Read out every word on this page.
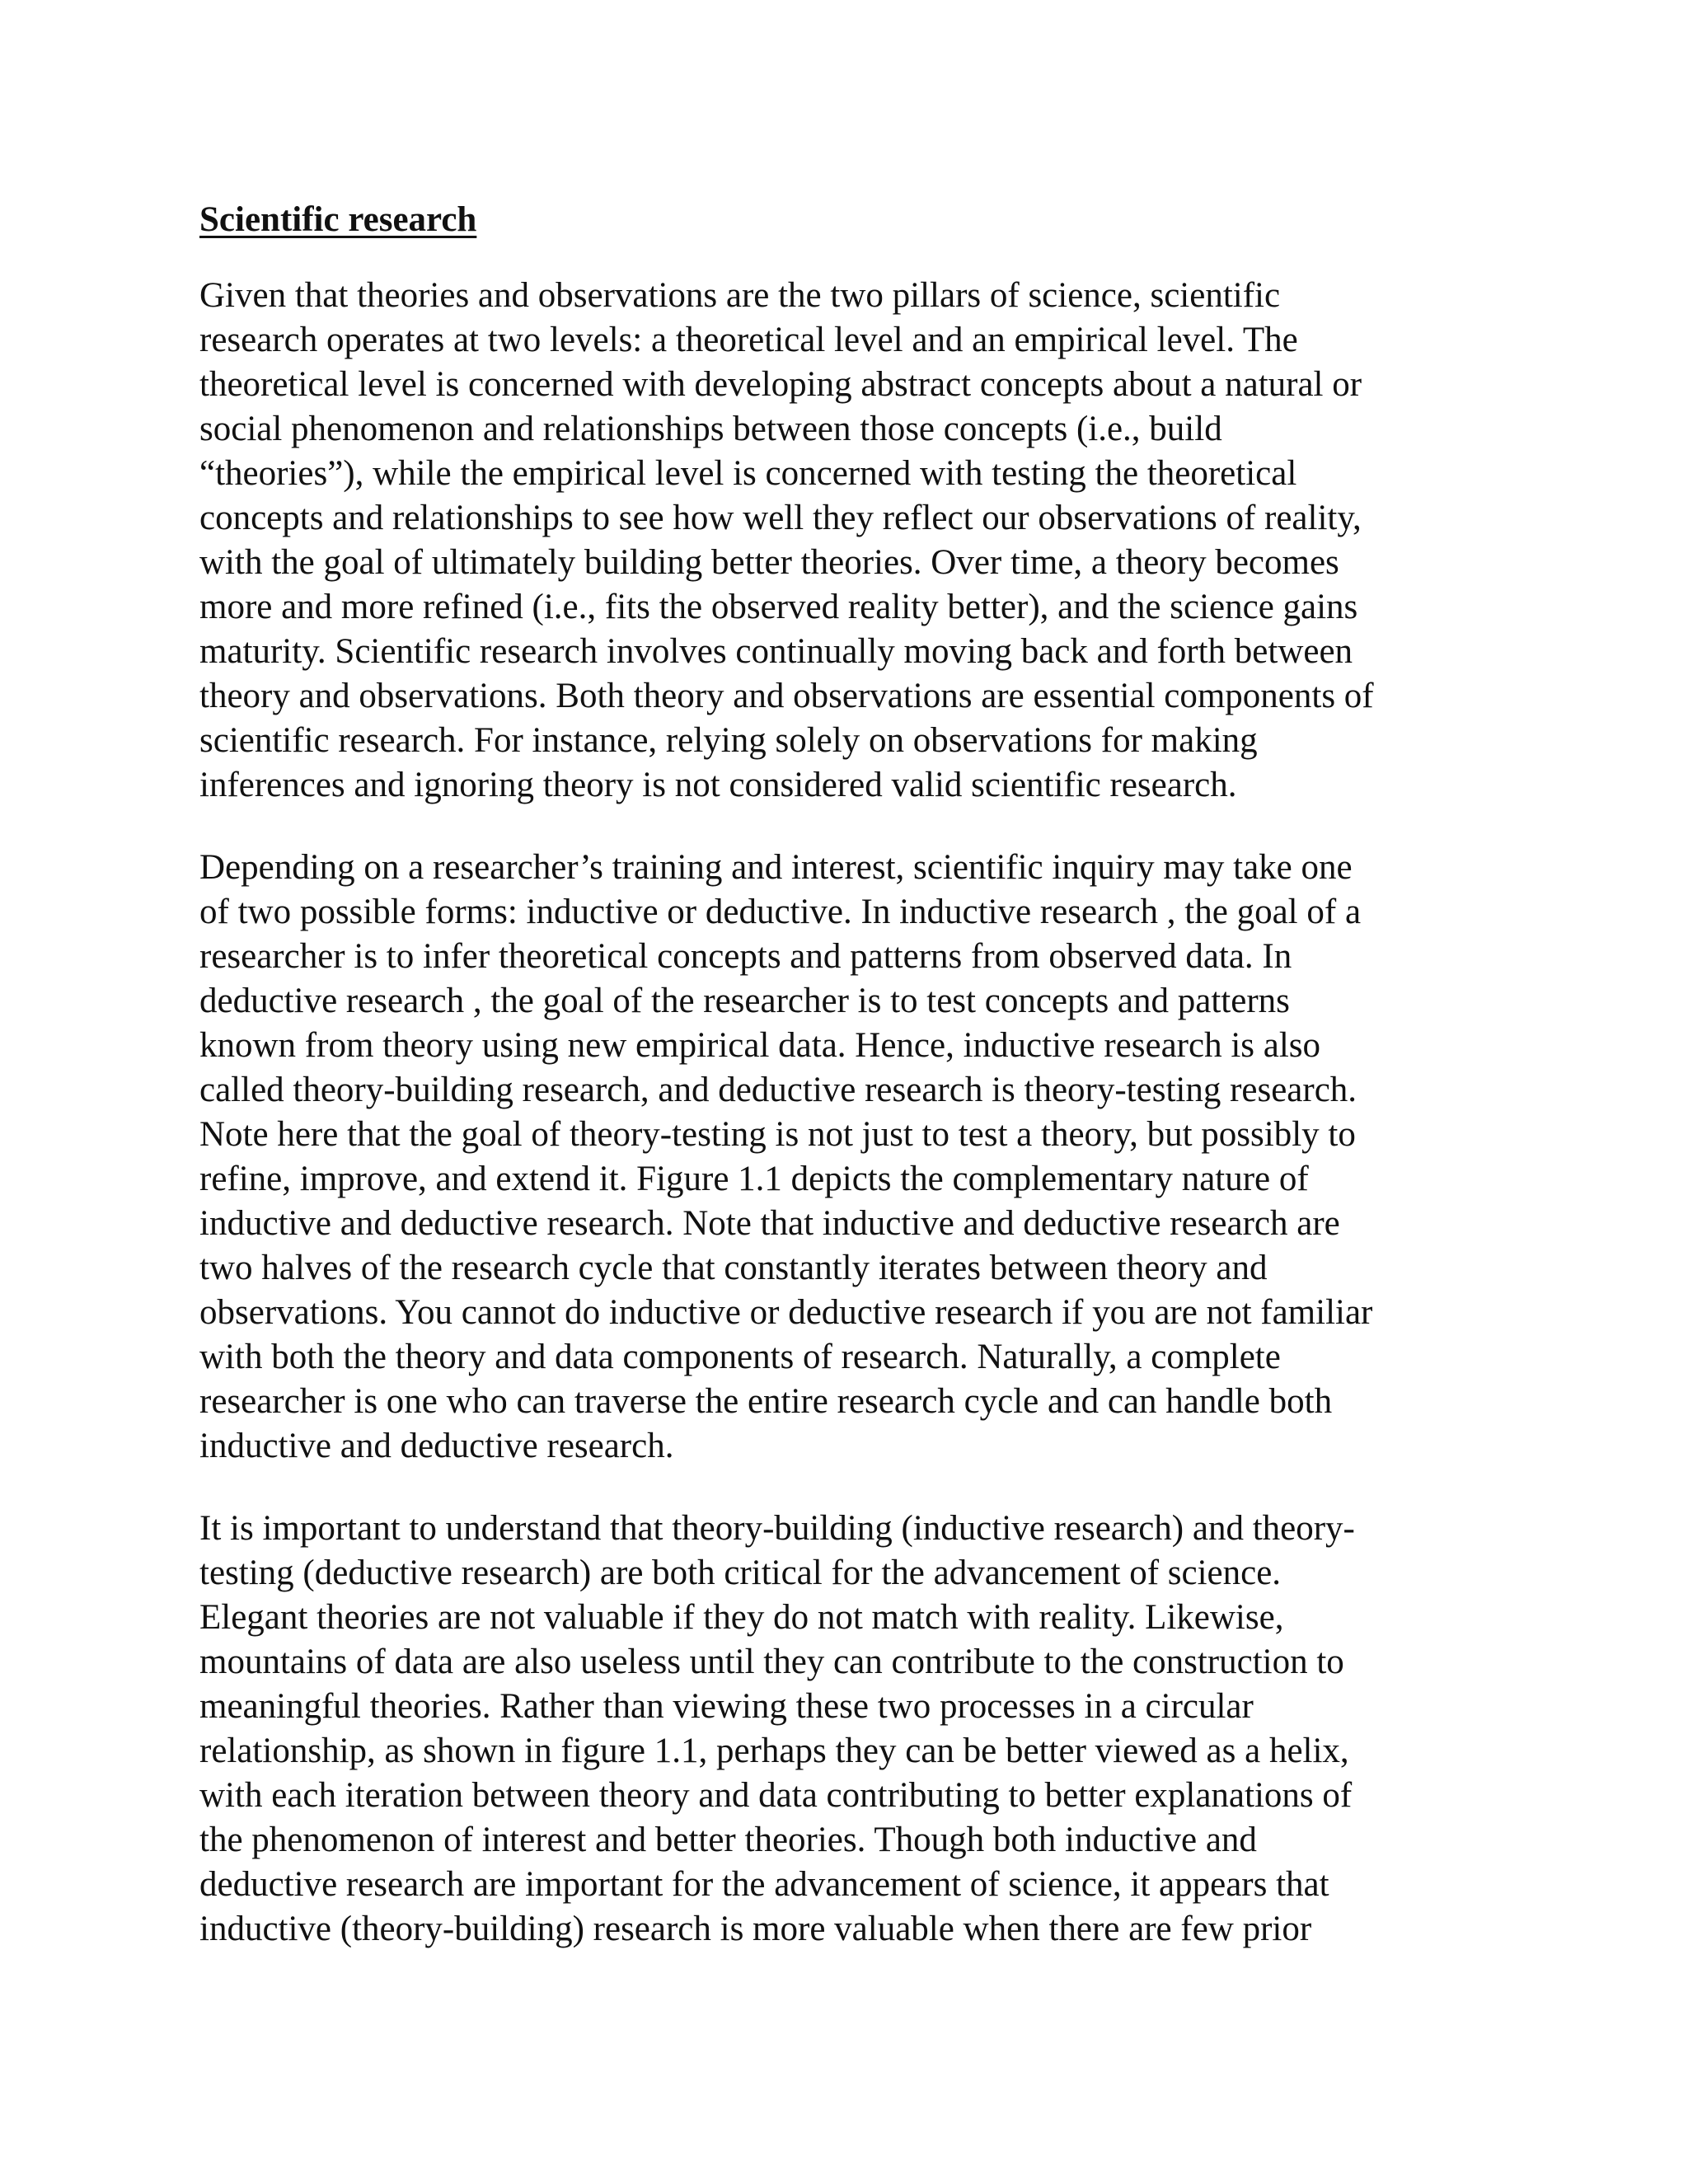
Scientific research
Given that theories and observations are the two pillars of science, scientific
research operates at two levels: a theoretical level and an empirical level. The
theoretical level is concerned with developing abstract concepts about a natural or
social phenomenon and relationships between those concepts (i.e., build
“theories”), while the empirical level is concerned with testing the theoretical
concepts and relationships to see how well they reflect our observations of reality,
with the goal of ultimately building better theories. Over time, a theory becomes
more and more refined (i.e., fits the observed reality better), and the science gains
maturity. Scientific research involves continually moving back and forth between
theory and observations. Both theory and observations are essential components of
scientific research. For instance, relying solely on observations for making
inferences and ignoring theory is not considered valid scientific research.
Depending on a researcher’s training and interest, scientific inquiry may take one
of two possible forms: inductive or deductive. In inductive research , the goal of a
researcher is to infer theoretical concepts and patterns from observed data. In
deductive research , the goal of the researcher is to test concepts and patterns
known from theory using new empirical data. Hence, inductive research is also
called theory-building research, and deductive research is theory-testing research.
Note here that the goal of theory-testing is not just to test a theory, but possibly to
refine, improve, and extend it. Figure 1.1 depicts the complementary nature of
inductive and deductive research. Note that inductive and deductive research are
two halves of the research cycle that constantly iterates between theory and
observations. You cannot do inductive or deductive research if you are not familiar
with both the theory and data components of research. Naturally, a complete
researcher is one who can traverse the entire research cycle and can handle both
inductive and deductive research.
It is important to understand that theory-building (inductive research) and theory-
testing (deductive research) are both critical for the advancement of science.
Elegant theories are not valuable if they do not match with reality. Likewise,
mountains of data are also useless until they can contribute to the construction to
meaningful theories. Rather than viewing these two processes in a circular
relationship, as shown in figure 1.1, perhaps they can be better viewed as a helix,
with each iteration between theory and data contributing to better explanations of
the phenomenon of interest and better theories. Though both inductive and
deductive research are important for the advancement of science, it appears that
inductive (theory-building) research is more valuable when there are few prior
